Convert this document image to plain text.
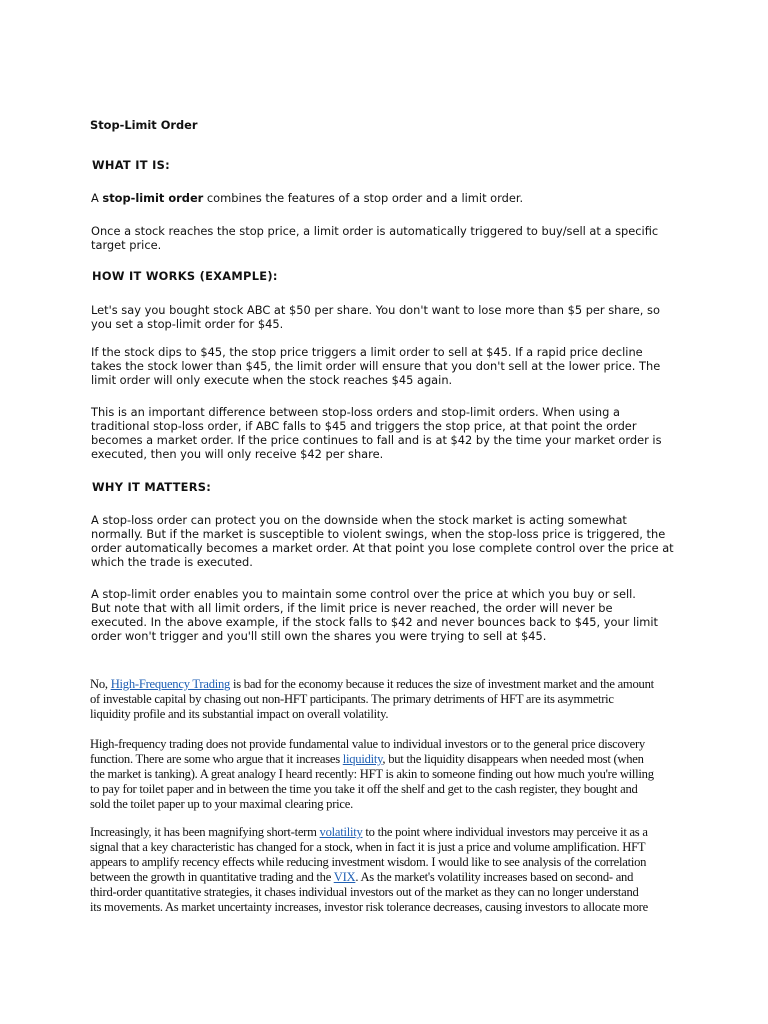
Stop-Limit Order
WHAT IT IS:
A stop-limit order combines the features of a stop order and a limit order.
Once a stock reaches the stop price, a limit order is automatically triggered to buy/sell at a specific
target price.
HOW IT WORKS (EXAMPLE):
Let's say you bought stock ABC at $50 per share. You don't want to lose more than $5 per share, so
you set a stop-limit order for $45.
If the stock dips to $45, the stop price triggers a limit order to sell at $45. If a rapid price decline
takes the stock lower than $45, the limit order will ensure that you don't sell at the lower price. The
limit order will only execute when the stock reaches $45 again.
This is an important difference between stop-loss orders and stop-limit orders. When using a
traditional stop-loss order, if ABC falls to $45 and triggers the stop price, at that point the order
becomes a market order. If the price continues to fall and is at $42 by the time your market order is
executed, then you will only receive $42 per share.
WHY IT MATTERS:
A stop-loss order can protect you on the downside when the stock market is acting somewhat
normally. But if the market is susceptible to violent swings, when the stop-loss price is triggered, the
order automatically becomes a market order. At that point you lose complete control over the price at
which the trade is executed.
A stop-limit order enables you to maintain some control over the price at which you buy or sell.
But note that with all limit orders, if the limit price is never reached, the order will never be
executed. In the above example, if the stock falls to $42 and never bounces back to $45, your limit
order won't trigger and you'll still own the shares you were trying to sell at $45.
No, High-Frequency Trading is bad for the economy because it reduces the size of investment market and the amount
of investable capital by chasing out non-HFT participants. The primary detriments of HFT are its asymmetric
liquidity profile and its substantial impact on overall volatility.
High-frequency trading does not provide fundamental value to individual investors or to the general price discovery
function. There are some who argue that it increases liquidity, but the liquidity disappears when needed most (when
the market is tanking). A great analogy I heard recently: HFT is akin to someone finding out how much you're willing
to pay for toilet paper and in between the time you take it off the shelf and get to the cash register, they bought and
sold the toilet paper up to your maximal clearing price.
Increasingly, it has been magnifying short-term volatility to the point where individual investors may perceive it as a
signal that a key characteristic has changed for a stock, when in fact it is just a price and volume amplification. HFT
appears to amplify recency effects while reducing investment wisdom. I would like to see analysis of the correlation
between the growth in quantitative trading and the VIX. As the market's volatility increases based on second- and
third-order quantitative strategies, it chases individual investors out of the market as they can no longer understand
its movements. As market uncertainty increases, investor risk tolerance decreases, causing investors to allocate more
